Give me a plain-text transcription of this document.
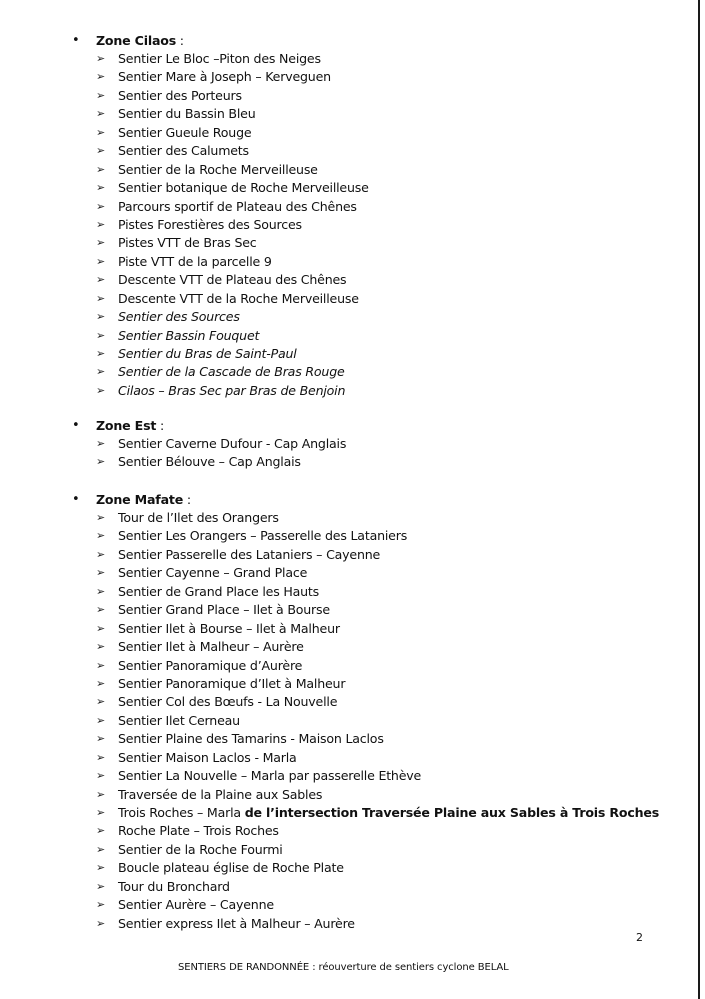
• Zone Cilaos :
➢ Sentier Le Bloc –Piton des Neiges
➢ Sentier Mare à Joseph – Kerveguen
➢ Sentier des Porteurs
➢ Sentier du Bassin Bleu
➢ Sentier Gueule Rouge
➢ Sentier des Calumets
➢ Sentier de la Roche Merveilleuse
➢ Sentier botanique de Roche Merveilleuse
➢ Parcours sportif de Plateau des Chênes
➢ Pistes Forestières des Sources
➢ Pistes VTT de Bras Sec
➢ Piste VTT de la parcelle 9
➢ Descente VTT de Plateau des Chênes
➢ Descente VTT de la Roche Merveilleuse
➢ Sentier des Sources
➢ Sentier Bassin Fouquet
➢ Sentier du Bras de Saint-Paul
➢ Sentier de la Cascade de Bras Rouge
➢ Cilaos – Bras Sec par Bras de Benjoin
• Zone Est :
➢ Sentier Caverne Dufour - Cap Anglais
➢ Sentier Bélouve – Cap Anglais
• Zone Mafate :
➢ Tour de l’Ilet des Orangers
➢ Sentier Les Orangers – Passerelle des Lataniers
➢ Sentier Passerelle des Lataniers – Cayenne
➢ Sentier Cayenne – Grand Place
➢ Sentier de Grand Place les Hauts
➢ Sentier Grand Place – Ilet à Bourse
➢ Sentier Ilet à Bourse – Ilet à Malheur
➢ Sentier Ilet à Malheur – Aurère
➢ Sentier Panoramique d’Aurère
➢ Sentier Panoramique d’Ilet à Malheur
➢ Sentier Col des Bœufs - La Nouvelle
➢ Sentier Ilet Cerneau
➢ Sentier Plaine des Tamarins - Maison Laclos
➢ Sentier Maison Laclos - Marla
➢ Sentier La Nouvelle – Marla par passerelle Ethève
➢ Traversée de la Plaine aux Sables
➢ Trois Roches – Marla de l’intersection Traversée Plaine aux Sables à Trois Roches
➢ Roche Plate – Trois Roches
➢ Sentier de la Roche Fourmi
➢ Boucle plateau église de Roche Plate
➢ Tour du Bronchard
➢ Sentier Aurère – Cayenne
➢ Sentier express Ilet à Malheur – Aurère
2
SENTIERS DE RANDONNÉE : réouverture de sentiers cyclone BELAL
